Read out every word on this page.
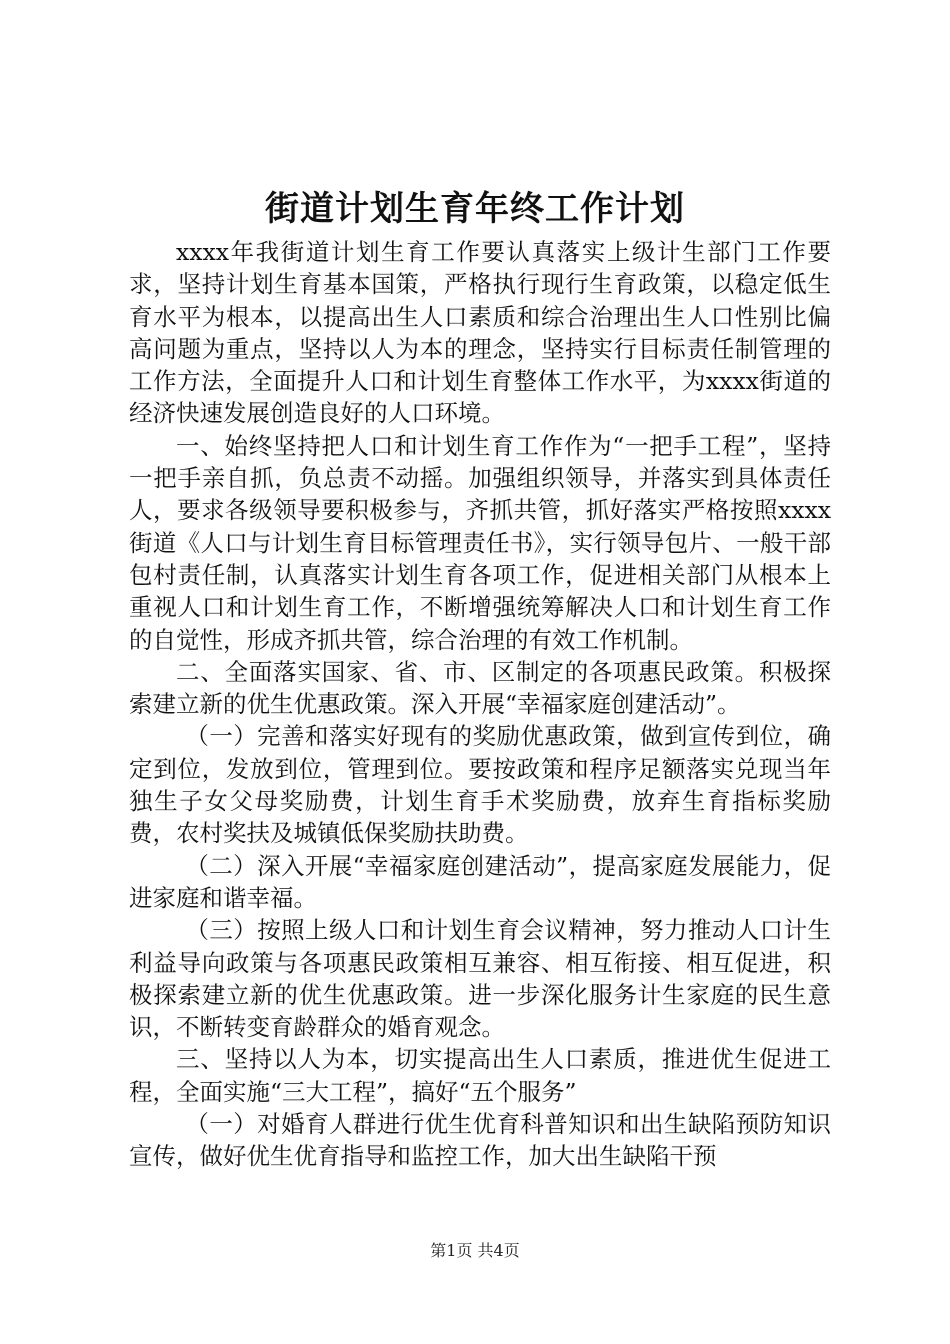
街道计划生育年终工作计划

xxxx年我街道计划生育工作要认真落实上级计生部门工作要求，坚持计划生育基本国策，严格执行现行生育政策，以稳定低生育水平为根本，以提高出生人口素质和综合治理出生人口性别比偏高问题为重点，坚持以人为本的理念，坚持实行目标责任制管理的工作方法，全面提升人口和计划生育整体工作水平，为xxxx街道的经济快速发展创造良好的人口环境。

一、始终坚持把人口和计划生育工作作为“一把手工程”，坚持一把手亲自抓，负总责不动摇。加强组织领导，并落实到具体责任人，要求各级领导要积极参与，齐抓共管，抓好落实严格按照xxxx街道《人口与计划生育目标管理责任书》，实行领导包片、一般干部包村责任制，认真落实计划生育各项工作，促进相关部门从根本上重视人口和计划生育工作，不断增强统筹解决人口和计划生育工作的自觉性，形成齐抓共管，综合治理的有效工作机制。

二、全面落实国家、省、市、区制定的各项惠民政策。积极探索建立新的优生优惠政策。深入开展“幸福家庭创建活动”。

（一）完善和落实好现有的奖励优惠政策，做到宣传到位，确定到位，发放到位，管理到位。要按政策和程序足额落实兑现当年独生子女父母奖励费，计划生育手术奖励费，放弃生育指标奖励费，农村奖扶及城镇低保奖励扶助费。

（二）深入开展“幸福家庭创建活动”，提高家庭发展能力，促进家庭和谐幸福。

（三）按照上级人口和计划生育会议精神，努力推动人口计生利益导向政策与各项惠民政策相互兼容、相互衔接、相互促进，积极探索建立新的优生优惠政策。进一步深化服务计生家庭的民生意识，不断转变育龄群众的婚育观念。

三、坚持以人为本，切实提高出生人口素质，推进优生促进工程，全面实施“三大工程”，搞好“五个服务”

（一）对婚育人群进行优生优育科普知识和出生缺陷预防知识宣传，做好优生优育指导和监控工作，加大出生缺陷干预

第1页 共4页
